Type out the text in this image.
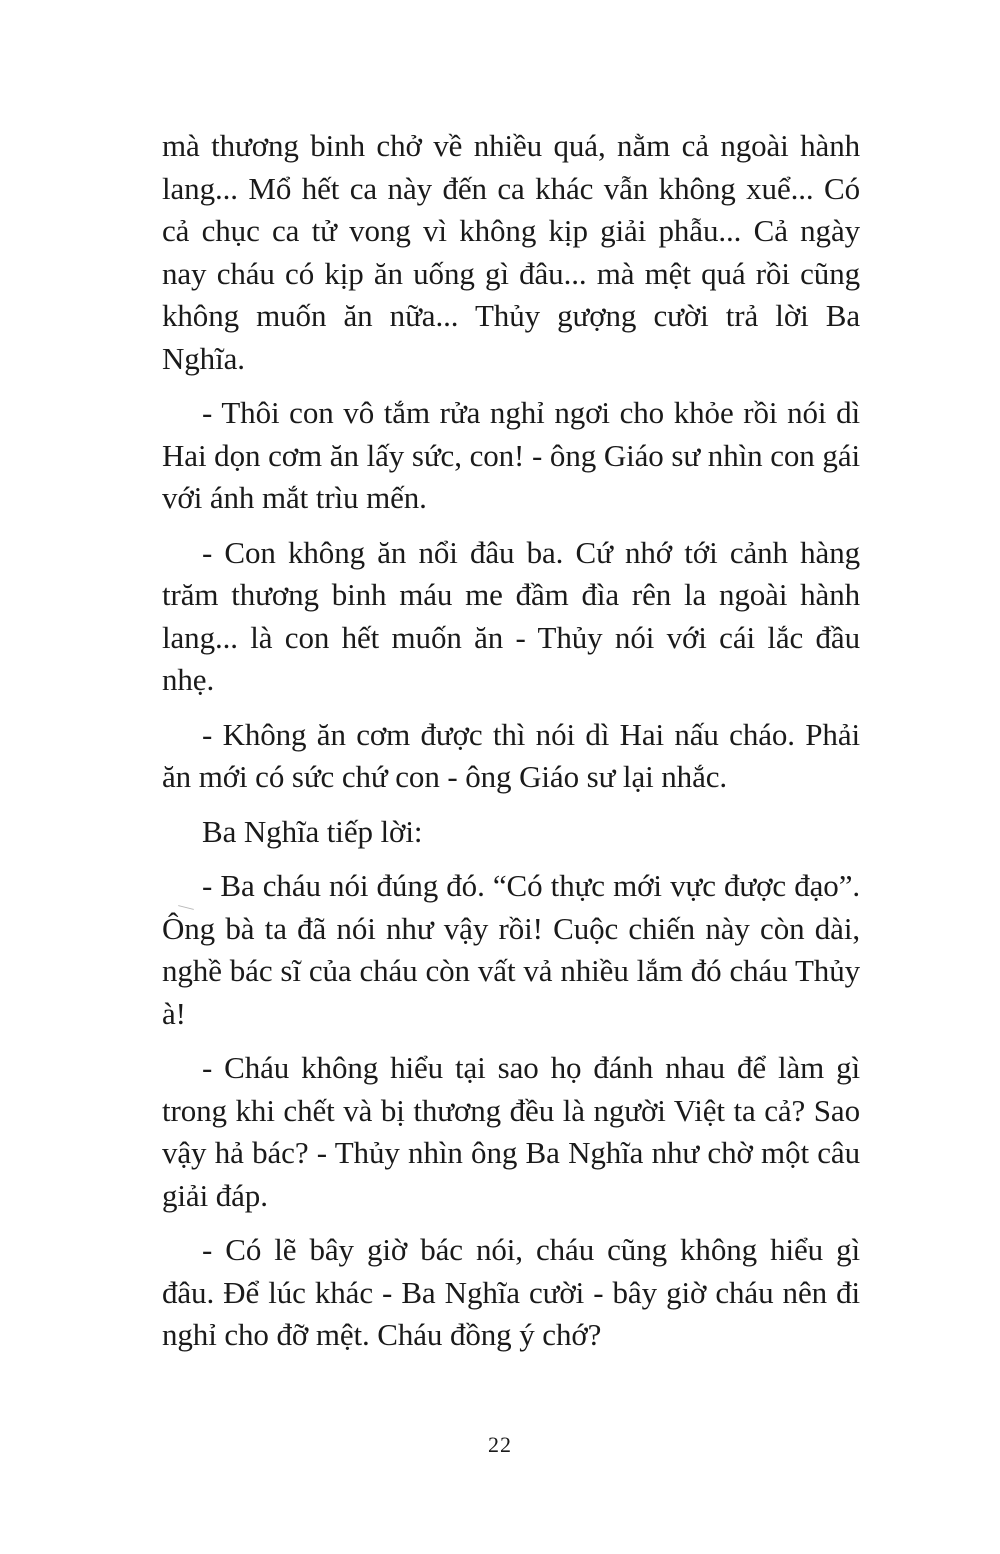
mà thương binh chở về nhiều quá, nằm cả ngoài hành lang... Mổ hết ca này đến ca khác vẫn không xuể... Có cả chục ca tử vong vì không kịp giải phẫu... Cả ngày nay cháu có kịp ăn uống gì đâu... mà mệt quá rồi cũng không muốn ăn nữa... Thủy gượng cười trả lời Ba Nghĩa.

- Thôi con vô tắm rửa nghỉ ngơi cho khỏe rồi nói dì Hai dọn cơm ăn lấy sức, con! - ông Giáo sư nhìn con gái với ánh mắt trìu mến.

- Con không ăn nổi đâu ba. Cứ nhớ tới cảnh hàng trăm thương binh máu me đầm đìa rên la ngoài hành lang... là con hết muốn ăn - Thủy nói với cái lắc đầu nhẹ.

- Không ăn cơm được thì nói dì Hai nấu cháo. Phải ăn mới có sức chứ con - ông Giáo sư lại nhắc.

Ba Nghĩa tiếp lời:

- Ba cháu nói đúng đó. “Có thực mới vực được đạo”. Ông bà ta đã nói như vậy rồi! Cuộc chiến này còn dài, nghề bác sĩ của cháu còn vất vả nhiều lắm đó cháu Thủy à!

- Cháu không hiểu tại sao họ đánh nhau để làm gì trong khi chết và bị thương đều là người Việt ta cả? Sao vậy hả bác? - Thủy nhìn ông Ba Nghĩa như chờ một câu giải đáp.

- Có lẽ bây giờ bác nói, cháu cũng không hiểu gì đâu. Để lúc khác - Ba Nghĩa cười - bây giờ cháu nên đi nghỉ cho đỡ mệt. Cháu đồng ý chớ?

22
